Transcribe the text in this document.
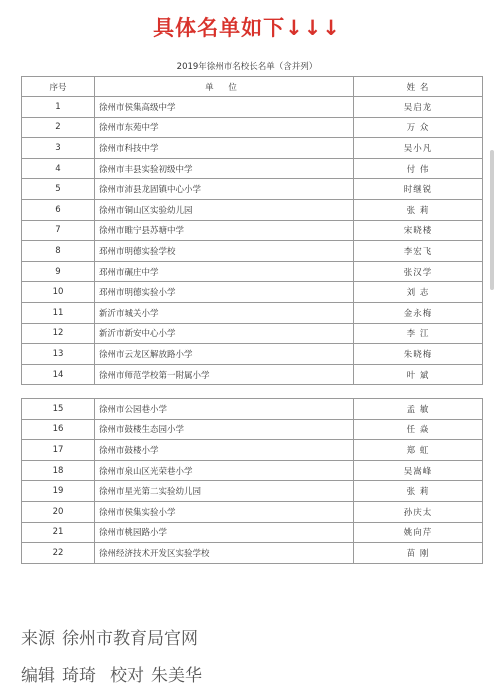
具体名单如下↓↓↓
2019年徐州市名校长名单（含并列）
序号	单 位	姓 名
1	徐州市侯集高级中学	吴启龙
2	徐州市东苑中学	万 众
3	徐州市科技中学	吴小凡
4	徐州市丰县实验初级中学	付 伟
5	徐州市沛县龙固镇中心小学	时继锐
6	徐州市铜山区实验幼儿园	张 莉
7	徐州市睢宁县苏塘中学	宋晓楼
8	邳州市明德实验学校	李宏飞
9	邳州市碾庄中学	张汉学
10	邳州市明德实验小学	刘 志
11	新沂市城关小学	金永梅
12	新沂市新安中心小学	李 江
13	徐州市云龙区解放路小学	朱晓梅
14	徐州市师范学校第一附属小学	叶 斌
15	徐州市公园巷小学	孟 敏
16	徐州市鼓楼生态园小学	任 焱
17	徐州市鼓楼小学	郑 虹
18	徐州市泉山区光荣巷小学	吴嵩峰
19	徐州市星光第二实验幼儿园	张 莉
20	徐州市侯集实验小学	孙庆太
21	徐州市桃园路小学	姚向芹
22	徐州经济技术开发区实验学校	苗 刚
来源 徐州市教育局官网
编辑 琦琦 校对 朱美华
